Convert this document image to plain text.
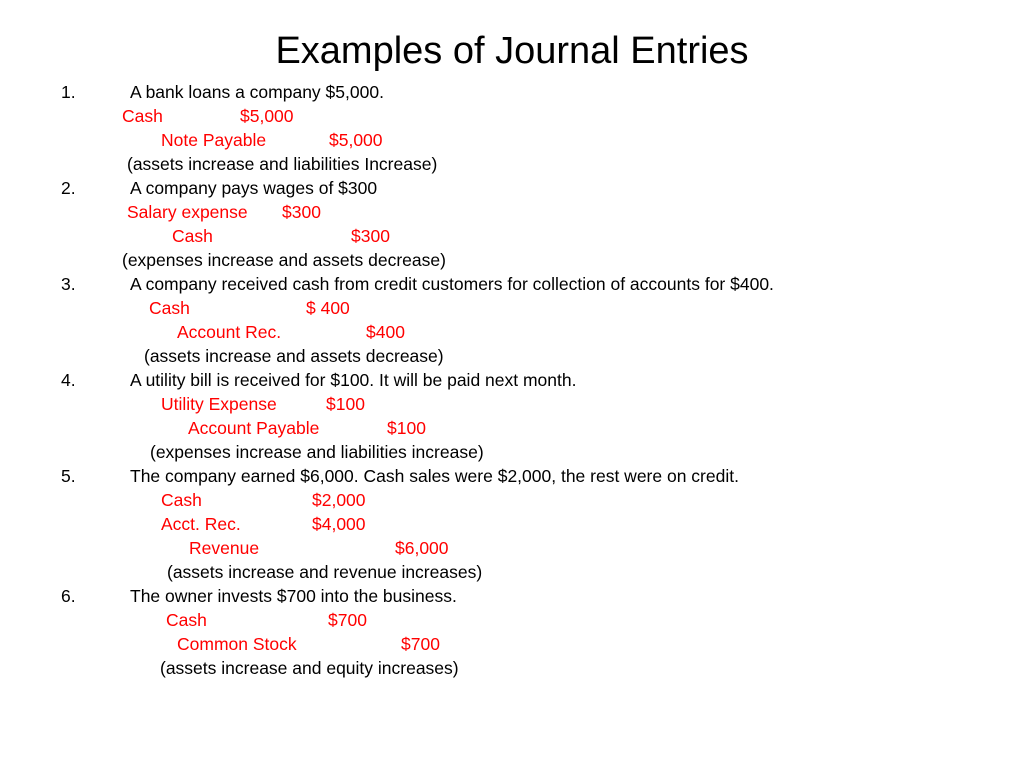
Examples of Journal Entries
1.	A bank loans a company $5,000.
Cash	$5,000
Note Payable	$5,000
(assets increase and liabilities Increase)
2.	A company pays wages of $300
Salary expense $300
Cash	$300
(expenses increase and assets decrease)
3.	A company received cash from credit customers for collection of accounts for $400.
Cash	$ 400
Account Rec.	$400
(assets increase and assets decrease)
4.	A utility bill is received for $100. It will be paid next month.
Utility Expense	$100
Account Payable	$100
(expenses increase and liabilities increase)
5.	The company earned $6,000. Cash sales were $2,000, the rest were on credit.
Cash	$2,000
Acct. Rec.	$4,000
Revenue	$6,000
(assets increase and revenue increases)
6.	The owner invests $700 into the business.
Cash	$700
Common Stock	$700
(assets increase and equity increases)
